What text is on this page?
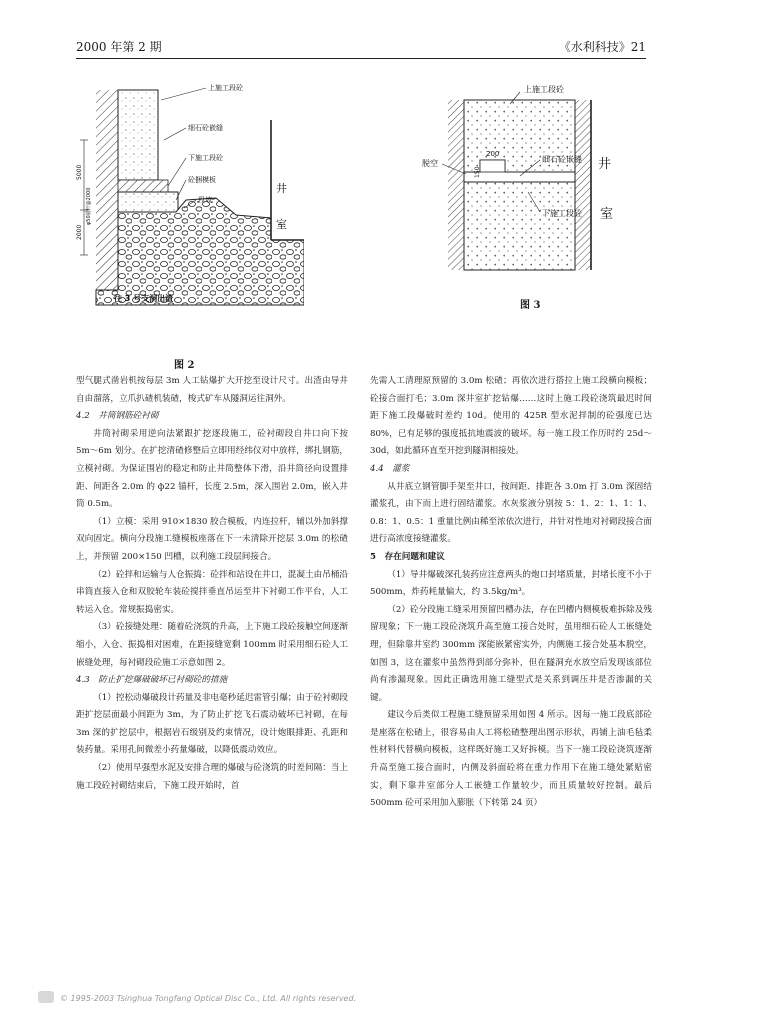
2000 年第 2 期	《水利科技》21
上施工段砼
细石砼嵌缝
下施工段砼
砼捆模板
段坡
井
室
往 3 号支洞出渣
5000
φ50锚杆@2000
2000
图 2
上施工段砼
脱空
200
150
细石砼嵌缝
下施工段砼
井
室
图 3

型气腿式凿岩机按每层 3m 人工钻爆扩大开挖至设计尺寸。出渣由导井自由溜落，立爪扒碴机装碴，梭式矿车从隧洞运往洞外。

4.2　井筒钢筋砼衬砌

井筒衬砌采用逆向法紧跟扩挖逐段施工，砼衬砌段自井口向下按 5m～6m 划分。在扩挖清碴修整后立即用经纬仪对中放样，绑扎钢筋，立模衬砌。为保证围岩的稳定和防止井筒整体下滑，沿井筒径向设置排距、间距各 2.0m 的 ф22 锚杆，长度 2.5m，深入围岩 2.0m，嵌入井筒 0.5m。

（1）立模：采用 910×1830 胶合模板，内连拉杆，辅以外加斜撑双向固定。横向分段施工缝模板座落在下一未清除开挖层 3.0m 的松碴上，并预留 200×150 凹槽，以利施工段层间接合。

（2）砼拌和运输与人仓振捣：砼拌和站设在井口，混凝土由吊桶沿串筒直接入仓和双胶轮车装砼搅拌垂直吊运至井下衬砌工作平台，人工转运入仓。常规振捣密实。

（3）砼接缝处理：随着砼浇筑的升高，上下施工段砼接触空间逐渐缩小，入仓、振捣相对困难，在距接缝宽剩 100mm 时采用细石砼人工嵌缝处理，每衬砌段砼施工示意如图 2。

4.3　防止扩挖爆破破坏已衬砌砼的措施

（1）控松动爆破段计药量及非电毫秒延迟雷管引爆；由于砼衬砌段距扩挖层面最小间距为 3m，为了防止扩挖飞石震动破坏已衬砌，在每 3m 深的扩挖层中，根据岩石级别及约束情况，设计炮眼排距、孔距和装药量。采用孔间微差小药量爆破，以降低震动效应。

（2）使用早强型水泥及安排合理的爆破与砼浇筑的时差间隔：当上施工段砼衬砌结束后，下施工段开始时，首

先需人工清理原预留的 3.0m 松碴；再依次进行搭拉上施工段横向模板；砼接合面打毛；3.0m 深井室扩挖钻爆……这时上施工段砼浇筑最迟时间距下施工段爆破时差约 10d。使用的 425R 型水泥拌制的砼强度已达 80%，已有足够的强度抵抗地震波的破坏。每一施工段工作历时约 25d～30d，如此循环直至开挖到隧洞相接处。

4.4　灌浆

从井底立钢管脚手架至井口，按间距、排距各 3.0m 打 3.0m 深固结灌浆孔，由下而上进行固结灌浆。水灰浆液分别按 5：1、2：1、1：1、0.8：1、0.5：1 重量比例由稀至浓依次进行，并针对性地对衬砌段接合面进行高浓度接缝灌浆。

5　存在问题和建议

（1）导井爆破深孔装药应注意两头的炮口封堵质量，封堵长度不小于 500mm，炸药耗量偏大，约 3.5kg/m³。

（2）砼分段施工缝采用预留凹槽办法，存在凹槽内侧模板难拆除及残留现象；下一施工段砼浇筑升高至施工接合处时，虽用细石砼人工嵌缝处理，但除靠井室约 300mm 深能嵌紧密实外，内侧施工接合处基本脱空，如图 3，这在灌浆中虽然得到部分弥补，但在隧洞充水放空后发现该部位尚有渗漏现象。因此正确选用施工缝型式是关系到调压井是否渗漏的关键。

建议今后类似工程施工缝预留采用如图 4 所示。因每一施工段底部砼是座落在松碴上，很容易由人工将松碴整理出图示形状，再铺上油毛毡柔性材料代替横向模板，这样既好施工又好拆模。当下一施工段砼浇筑逐渐升高至施工接合面时，内侧及斜面砼将在重力作用下在施工缝处紧贴密实，剩下靠井室部分人工嵌缝工作量较少，而且质量较好控制。最后 500mm 砼可采用加入膨胀（下转第 24 页）

© 1995-2003 Tsinghua Tongfang Optical Disc Co., Ltd. All rights reserved.
